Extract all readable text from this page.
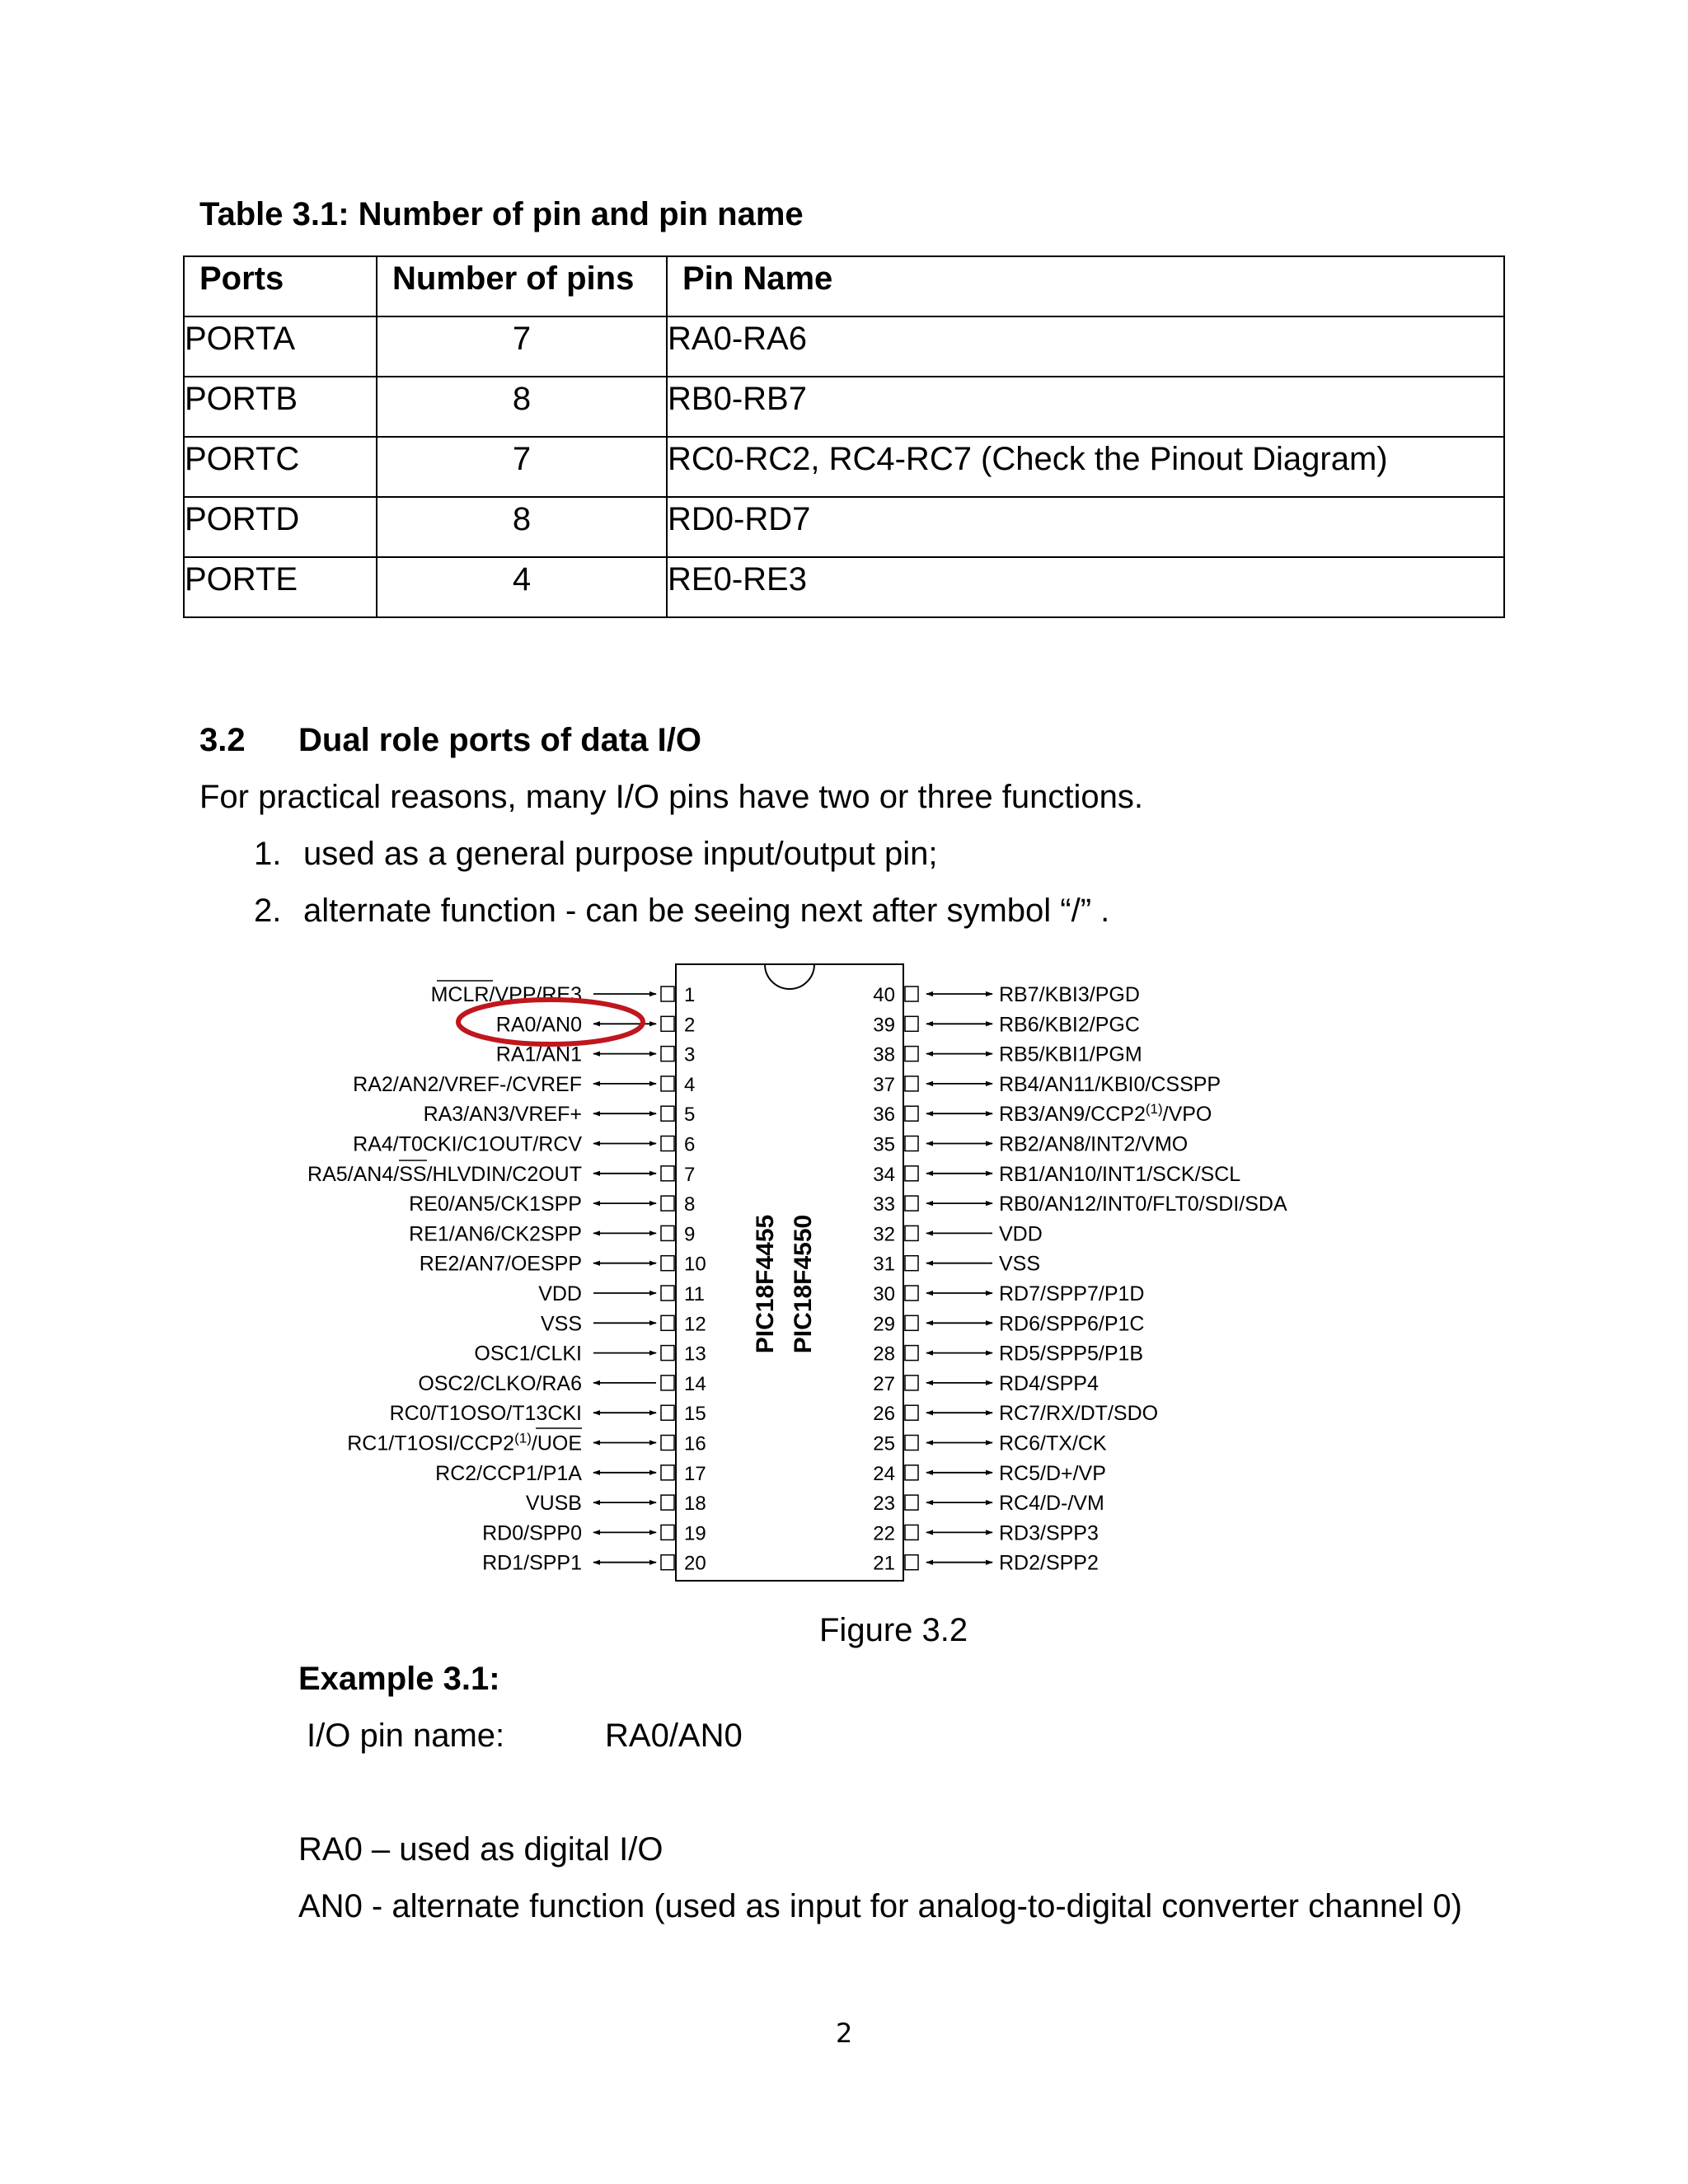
Table 3.1: Number of pin and pin name
Ports	Number of pins	Pin Name
PORTA	7	RA0-RA6
PORTB	8	RB0-RB7
PORTC	7	RC0-RC2, RC4-RC7 (Check the Pinout Diagram)
PORTD	8	RD0-RD7
PORTE	4	RE0-RE3
3.2 Dual role ports of data I/O
For practical reasons, many I/O pins have two or three functions.
1. used as a general purpose input/output pin;
2. alternate function - can be seeing next after symbol “/” .
PIC18F4455 PIC18F4550
1
MCLR/VPP/RE3
2
RA0/AN0
3
RA1/AN1
4
RA2/AN2/VREF-/CVREF
5
RA3/AN3/VREF+
6
RA4/T0CKI/C1OUT/RCV
7
RA5/AN4/SS/HLVDIN/C2OUT
8
RE0/AN5/CK1SPP
9
RE1/AN6/CK2SPP
10
RE2/AN7/OESPP
11
VDD
12
VSS
13
OSC1/CLKI
14
OSC2/CLKO/RA6
15
RC0/T1OSO/T13CKI
16
RC1/T1OSI/CCP2$^{(1)}$/UOE
17
RC2/CCP1/P1A
18
VUSB
19
RD0/SPP0
20
RD1/SPP1
40	RB7/KBI3/PGD
39	RB6/KBI2/PGC
38	RB5/KBI1/PGM
37	RB4/AN11/KBI0/CSSPP
36	RB3/AN9/CCP2$^{(1)}$/VPO
35	RB2/AN8/INT2/VMO
34	RB1/AN10/INT1/SCK/SCL
33	RB0/AN12/INT0/FLT0/SDI/SDA
32	VDD
31	VSS
30	RD7/SPP7/P1D
29	RD6/SPP6/P1C
28	RD5/SPP5/P1B
27	RD4/SPP4
26	RC7/RX/DT/SDO
25	RC6/TX/CK
24	RC5/D+/VP
23	RC4/D-/VM
22	RD3/SPP3
21	RD2/SPP2
Figure 3.2
Example 3.1:
I/O pin name:	RA0/AN0
RA0 – used as digital I/O
AN0 - alternate function (used as input for analog-to-digital converter channel 0)
2
